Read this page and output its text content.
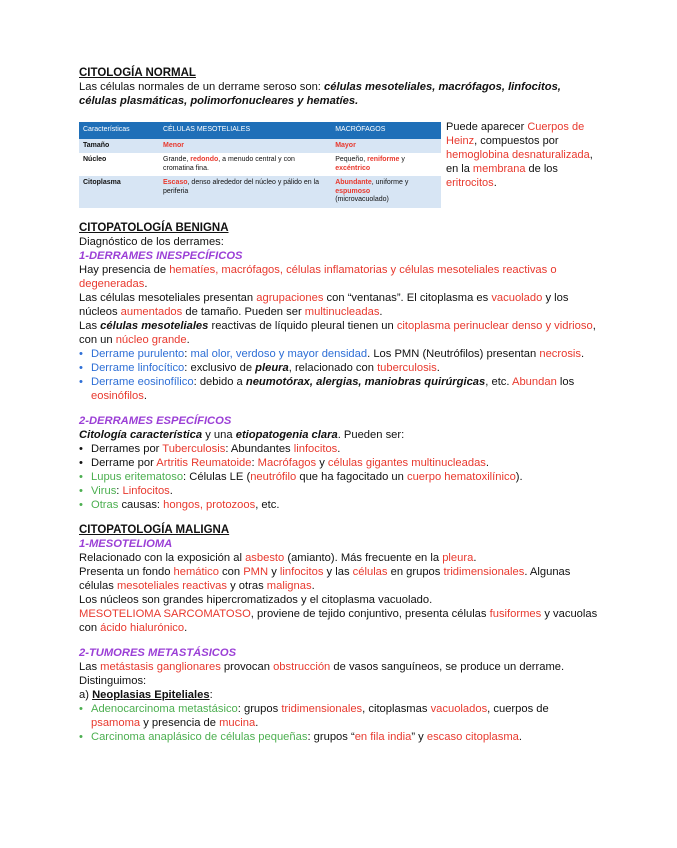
CITOLOGÍA NORMAL

Las células normales de un derrame seroso son: células mesoteliales, macrófagos, linfocitos, células plasmáticas, polimorfonucleares y hematíes.

Características	CÉLULAS MESOTELIALES	MACRÓFAGOS
Tamaño	Menor	Mayor
Núcleo	Grande, redondo, a menudo central y con cromatina fina.	Pequeño, reniforme y excéntrico
Citoplasma	Escaso, denso alrededor del núcleo y pálido en la periferia	Abundante, uniforme y espumoso
(microvacuolado)

Puede aparecer Cuerpos de Heinz, compuestos por hemoglobina desnaturalizada, en la membrana de los eritrocitos.

CITOPATOLOGÍA BENIGNA

Diagnóstico de los derrames:

1-DERRAMES INESPECÍFICOS

Hay presencia de hematíes, macrófagos, células inflamatorias y células mesoteliales reactivas o degeneradas.

Las células mesoteliales presentan agrupaciones con “ventanas”. El citoplasma es vacuolado y los núcleos aumentados de tamaño. Pueden ser multinucleadas.

Las células mesoteliales reactivas de líquido pleural tienen un citoplasma perinuclear denso y vidrioso, con un núcleo grande.

• Derrame purulento: mal olor, verdoso y mayor densidad. Los PMN (Neutrófilos) presentan necrosis.
• Derrame linfocítico: exclusivo de pleura, relacionado con tuberculosis.
• Derrame eosinofílico: debido a neumotórax, alergias, maniobras quirúrgicas, etc. Abundan los eosinófilos.

2-DERRAMES ESPECÍFICOS

Citología característica y una etiopatogenia clara. Pueden ser:

• Derrames por Tuberculosis: Abundantes linfocitos.
• Derrame por Artritis Reumatoide: Macrófagos y células gigantes multinucleadas.
• Lupus eritematoso: Células LE (neutrófilo que ha fagocitado un cuerpo hematoxilínico).
• Virus: Linfocitos.
• Otras causas: hongos, protozoos, etc.

CITOPATOLOGÍA MALIGNA

1-MESOTELIOMA

Relacionado con la exposición al asbesto (amianto). Más frecuente en la pleura.

Presenta un fondo hemático con PMN y linfocitos y las células en grupos tridimensionales. Algunas células mesoteliales reactivas y otras malignas.

Los núcleos son grandes hipercromatizados y el citoplasma vacuolado.

MESOTELIOMA SARCOMATOSO, proviene de tejido conjuntivo, presenta células fusiformes y vacuolas con ácido hialurónico.

2-TUMORES METASTÁSICOS

Las metástasis ganglionares provocan obstrucción de vasos sanguíneos, se produce un derrame. Distinguimos:

a) Neoplasias Epiteliales:

• Adenocarcinoma metastásico: grupos tridimensionales, citoplasmas vacuolados, cuerpos de psamoma y presencia de mucina.
• Carcinoma anaplásico de células pequeñas: grupos “en fila india” y escaso citoplasma.
